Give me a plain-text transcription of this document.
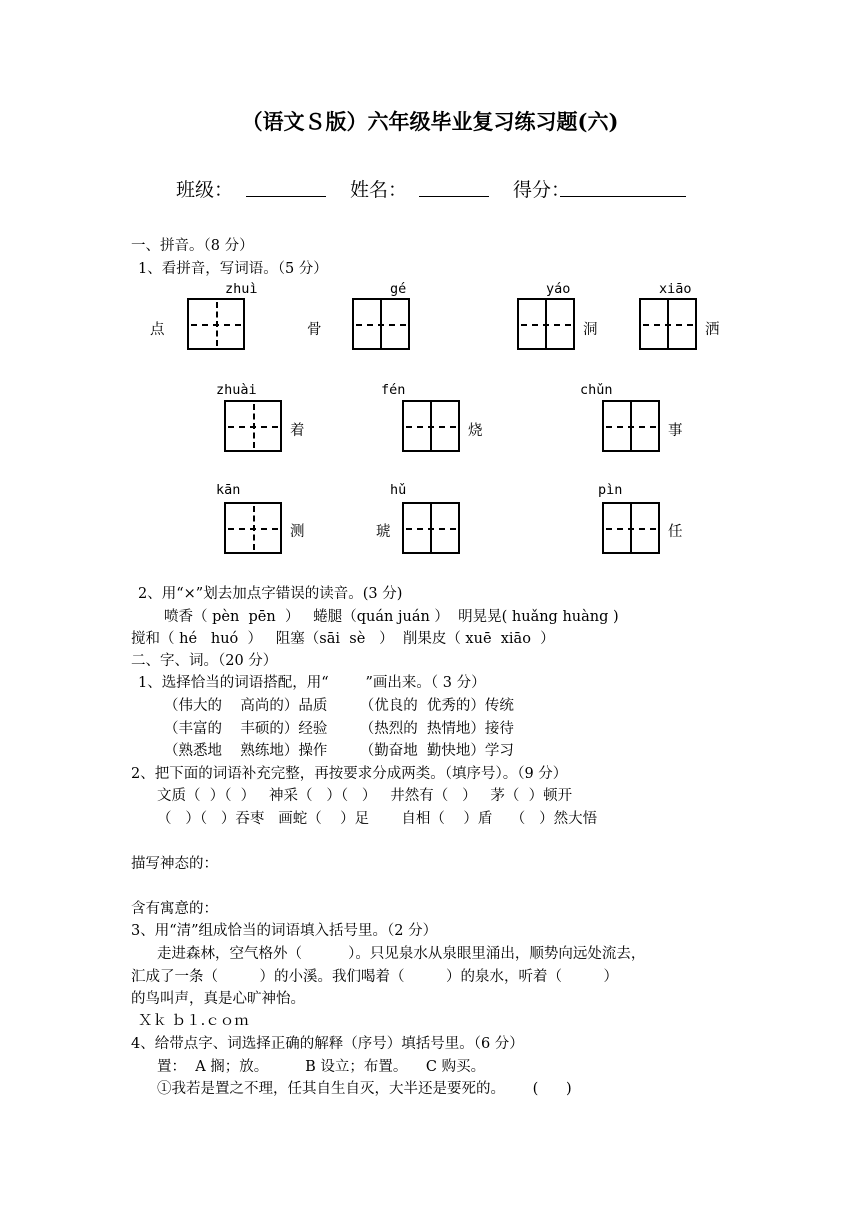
（语文Ｓ版）六年级毕业复习练习题(六)
班级：	姓名：	得分：
一、拼音。（8 分）
1、看拼音，写词语。（5 分）
zhuì	gé	yáo	xiāo
点	骨	洞	洒
zhuài	fén	chǔn
着	烧	事
kān	hǔ	pìn
测	琥	任
2、用“×”划去加点字错误的读音。(3 分)
喷香（ pèn  pēn  ）   蜷腿（quán juán ）  明晃晃( huǎng huàng )
搅和（ hé   huó  ）   阻塞（sāi  sè   ）  削果皮（ xuē  xiāo  ）
二、字、词。（20 分）
1、选择恰当的词语搭配，用“        ”画出来。（ 3 分）
（伟大的    高尚的）品质       （优良的  优秀的）传统
（丰富的    丰硕的）经验       （热烈的  热情地）接待
（熟悉地    熟练地）操作       （勤奋地  勤快地）学习
2、把下面的词语补充完整，再按要求分成两类。（填序号）。（9 分）
文质（  ）（  ）   神采（   ）（   ）   井然有（   ）   茅（  ）顿开
（   ）（   ）吞枣   画蛇（    ）足       自相（    ）盾    （   ）然大悟
描写神态的：
含有寓意的：
3、用“清”组成恰当的词语填入括号里。（2 分）
走进森林，空气格外（          ）。只见泉水从泉眼里涌出，顺势向远处流去，
汇成了一条（         ）的小溪。我们喝着（         ）的泉水，听着（         ）
的鸟叫声，真是心旷神怡。
Ｘｋ ｂ１.ｃｏｍ
4、给带点字、词选择正确的解释（序号）填括号里。（6 分）
置：  A 搁；放。        B 设立；布置。    C 购买。
①我若是置之不理，任其自生自灭，大半还是要死的。      (      )
